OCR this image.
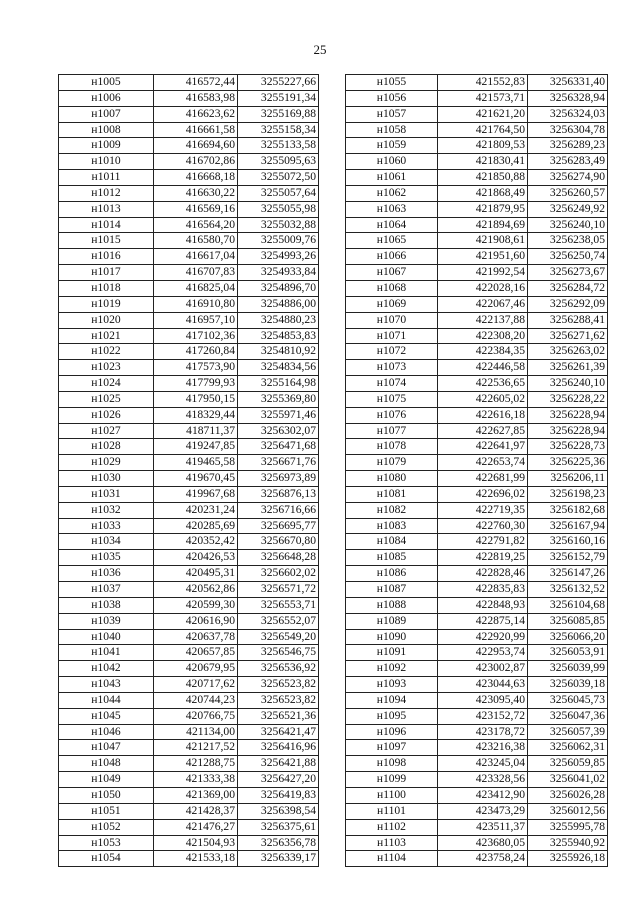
25
н1005	416572,44	3255227,66
н1006	416583,98	3255191,34
н1007	416623,62	3255169,88
н1008	416661,58	3255158,34
н1009	416694,60	3255133,58
н1010	416702,86	3255095,63
н1011	416668,18	3255072,50
н1012	416630,22	3255057,64
н1013	416569,16	3255055,98
н1014	416564,20	3255032,88
н1015	416580,70	3255009,76
н1016	416617,04	3254993,26
н1017	416707,83	3254933,84
н1018	416825,04	3254896,70
н1019	416910,80	3254886,00
н1020	416957,10	3254880,23
н1021	417102,36	3254853,83
н1022	417260,84	3254810,92
н1023	417573,90	3254834,56
н1024	417799,93	3255164,98
н1025	417950,15	3255369,80
н1026	418329,44	3255971,46
н1027	418711,37	3256302,07
н1028	419247,85	3256471,68
н1029	419465,58	3256671,76
н1030	419670,45	3256973,89
н1031	419967,68	3256876,13
н1032	420231,24	3256716,66
н1033	420285,69	3256695,77
н1034	420352,42	3256670,80
н1035	420426,53	3256648,28
н1036	420495,31	3256602,02
н1037	420562,86	3256571,72
н1038	420599,30	3256553,71
н1039	420616,90	3256552,07
н1040	420637,78	3256549,20
н1041	420657,85	3256546,75
н1042	420679,95	3256536,92
н1043	420717,62	3256523,82
н1044	420744,23	3256523,82
н1045	420766,75	3256521,36
н1046	421134,00	3256421,47
н1047	421217,52	3256416,96
н1048	421288,75	3256421,88
н1049	421333,38	3256427,20
н1050	421369,00	3256419,83
н1051	421428,37	3256398,54
н1052	421476,27	3256375,61
н1053	421504,93	3256356,78
н1054	421533,18	3256339,17
н1055	421552,83	3256331,40
н1056	421573,71	3256328,94
н1057	421621,20	3256324,03
н1058	421764,50	3256304,78
н1059	421809,53	3256289,23
н1060	421830,41	3256283,49
н1061	421850,88	3256274,90
н1062	421868,49	3256260,57
н1063	421879,95	3256249,92
н1064	421894,69	3256240,10
н1065	421908,61	3256238,05
н1066	421951,60	3256250,74
н1067	421992,54	3256273,67
н1068	422028,16	3256284,72
н1069	422067,46	3256292,09
н1070	422137,88	3256288,41
н1071	422308,20	3256271,62
н1072	422384,35	3256263,02
н1073	422446,58	3256261,39
н1074	422536,65	3256240,10
н1075	422605,02	3256228,22
н1076	422616,18	3256228,94
н1077	422627,85	3256228,94
н1078	422641,97	3256228,73
н1079	422653,74	3256225,36
н1080	422681,99	3256206,11
н1081	422696,02	3256198,23
н1082	422719,35	3256182,68
н1083	422760,30	3256167,94
н1084	422791,82	3256160,16
н1085	422819,25	3256152,79
н1086	422828,46	3256147,26
н1087	422835,83	3256132,52
н1088	422848,93	3256104,68
н1089	422875,14	3256085,85
н1090	422920,99	3256066,20
н1091	422953,74	3256053,91
н1092	423002,87	3256039,99
н1093	423044,63	3256039,18
н1094	423095,40	3256045,73
н1095	423152,72	3256047,36
н1096	423178,72	3256057,39
н1097	423216,38	3256062,31
н1098	423245,04	3256059,85
н1099	423328,56	3256041,02
н1100	423412,90	3256026,28
н1101	423473,29	3256012,56
н1102	423511,37	3255995,78
н1103	423680,05	3255940,92
н1104	423758,24	3255926,18
